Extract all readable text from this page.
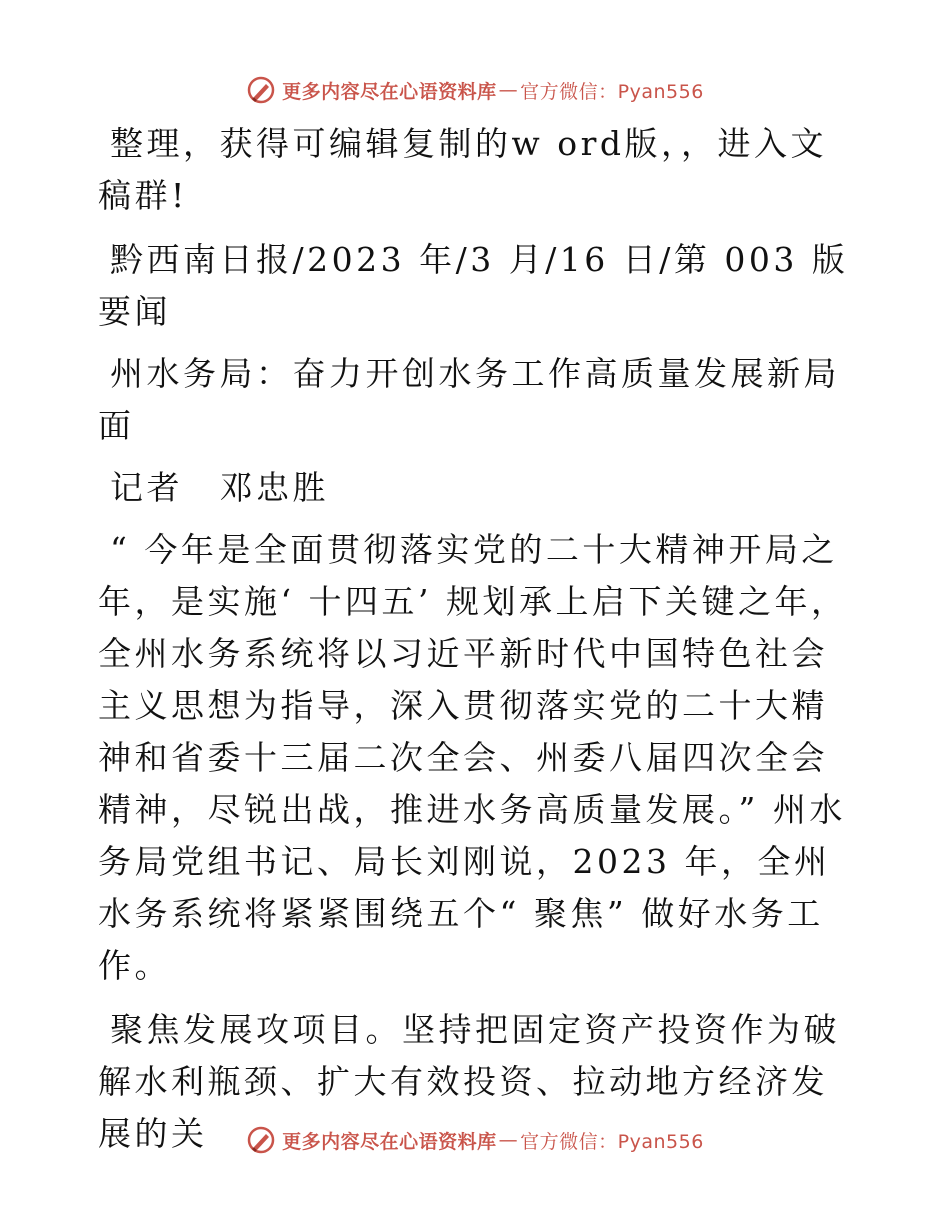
更多内容尽在心语资料库 — 官方微信：Pyan556

整理，获得可编辑复制的w ord版，，进入文稿群!

黔西南日报/2023 年/3 月/16 日/第 003 版要闻

州水务局：奋力开创水务工作高质量发展新局面

记者　邓忠胜

“ 今年是全面贯彻落实党的二十大精神开局之年，是实施‘ 十四五’ 规划承上启下关键之年，全州水务系统将以习近平新时代中国特色社会主义思想为指导，深入贯彻落实党的二十大精神和省委十三届二次全会、州委八届四次全会精神，尽锐出战，推进水务高质量发展。” 州水务局党组书记、局长刘刚说，2023 年，全州水务系统将紧紧围绕五个“ 聚焦” 做好水务工作。

聚焦发展攻项目。坚持把固定资产投资作为破解水利瓶颈、扩大有效投资、拉动地方经济发展的关	更多内容尽在心语资料库 — 官方微信：Pyan556
